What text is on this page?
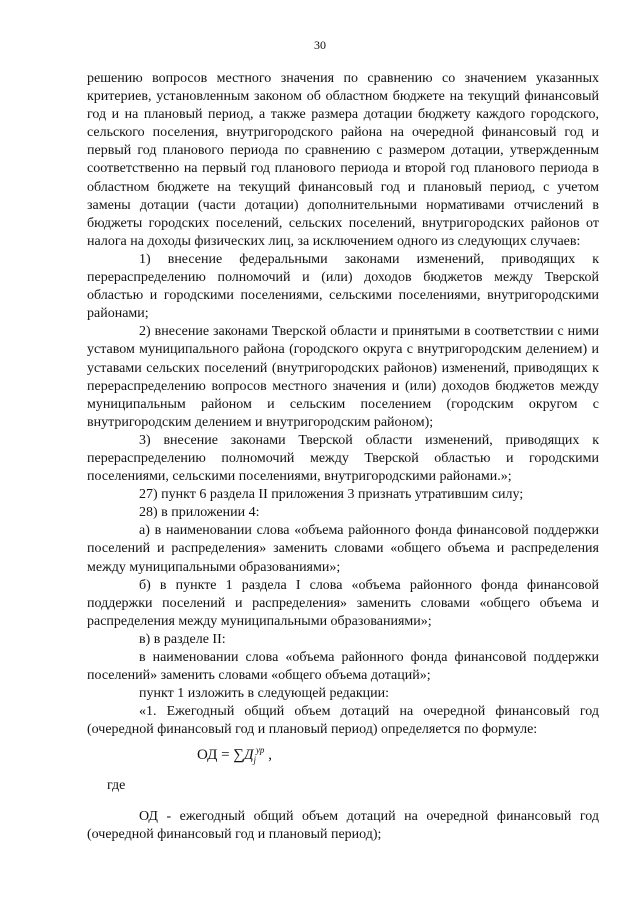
30

решению вопросов местного значения по сравнению со значением указанных критериев, установленным законом об областном бюджете на текущий финансовый год и на плановый период, а также размера дотации бюджету каждого городского, сельского поселения, внутригородского района на очередной финансовый год и первый год планового периода по сравнению с размером дотации, утвержденным соответственно на первый год планового периода и второй год планового периода в областном бюджете на текущий финансовый год и плановый период, с учетом замены дотации (части дотации) дополнительными нормативами отчислений в бюджеты городских поселений, сельских поселений, внутригородских районов от налога на доходы физических лиц, за исключением одного из следующих случаев:

1) внесение федеральными законами изменений, приводящих к перераспределению полномочий и (или) доходов бюджетов между Тверской областью и городскими поселениями, сельскими поселениями, внутригородскими районами;

2) внесение законами Тверской области и принятыми в соответствии с ними уставом муниципального района (городского округа с внутригородским делением) и уставами сельских поселений (внутригородских районов) изменений, приводящих к перераспределению вопросов местного значения и (или) доходов бюджетов между муниципальным районом и сельским поселением (городским округом с внутригородским делением и внутригородским районом);

3) внесение законами Тверской области изменений, приводящих к перераспределению полномочий между Тверской областью и городскими поселениями, сельскими поселениями, внутригородскими районами.»;

27) пункт 6 раздела II приложения 3 признать утратившим силу;

28) в приложении 4:

а) в наименовании слова «объема районного фонда финансовой поддержки поселений и распределения» заменить словами «общего объема и распределения между муниципальными образованиями»;

б) в пункте 1 раздела I слова «объема районного фонда финансовой поддержки поселений и распределения» заменить словами «общего объема и распределения между муниципальными образованиями»;

в) в разделе II:

в наименовании слова «объема районного фонда финансовой поддержки поселений» заменить словами «общего объема дотаций»;

пункт 1 изложить в следующей редакции:

«1. Ежегодный общий объем дотаций на очередной финансовый год (очередной финансовый год и плановый период) определяется по формуле:

ОД = $\sum Д_j^{ур}$ ,

где

ОД - ежегодный общий объем дотаций на очередной финансовый год (очередной финансовый год и плановый период);
